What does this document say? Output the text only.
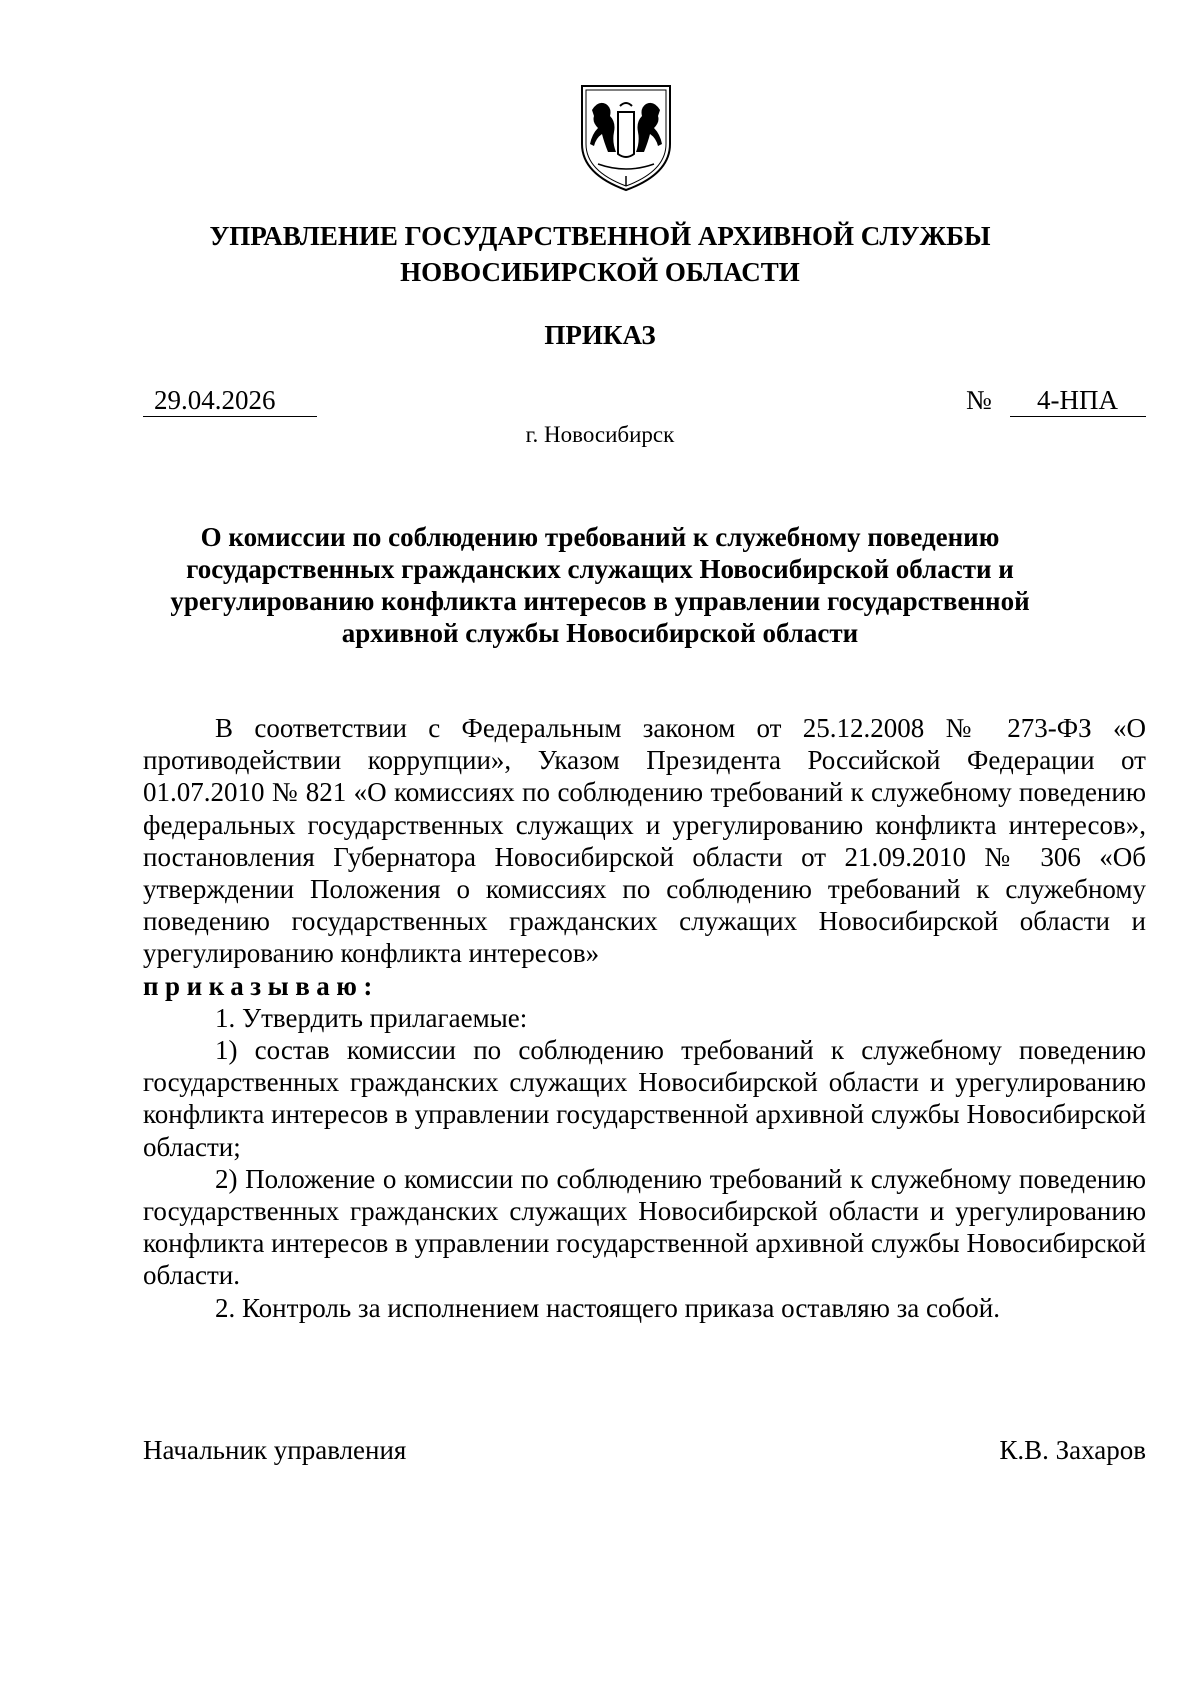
УПРАВЛЕНИЕ ГОСУДАРСТВЕННОЙ АРХИВНОЙ СЛУЖБЫ
НОВОСИБИРСКОЙ ОБЛАСТИ
ПРИКАЗ
29.04.2026	№	4-НПА
г. Новосибирск
О комиссии по соблюдению требований к служебному поведению
государственных гражданских служащих Новосибирской области и
урегулированию конфликта интересов в управлении государственной
архивной службы Новосибирской области

В соответствии с Федеральным законом от 25.12.2008 № 273-ФЗ «О противодействии коррупции», Указом Президента Российской Федерации от 01.07.2010 № 821 «О комиссиях по соблюдению требований к служебному поведению федеральных государственных служащих и урегулированию конфликта интересов», постановления Губернатора Новосибирской области от 21.09.2010 № 306 «Об утверждении Положения о комиссиях по соблюдению требований к служебному поведению государственных гражданских служащих Новосибирской области и урегулированию конфликта интересов»

приказываю:

1. Утвердить прилагаемые:

1) состав комиссии по соблюдению требований к служебному поведению государственных гражданских служащих Новосибирской области и урегулированию конфликта интересов в управлении государственной архивной службы Новосибирской области;

2) Положение о комиссии по соблюдению требований к служебному поведению государственных гражданских служащих Новосибирской области и урегулированию конфликта интересов в управлении государственной архивной службы Новосибирской области.

2. Контроль за исполнением настоящего приказа оставляю за собой.

Начальник управления	К.В. Захаров
